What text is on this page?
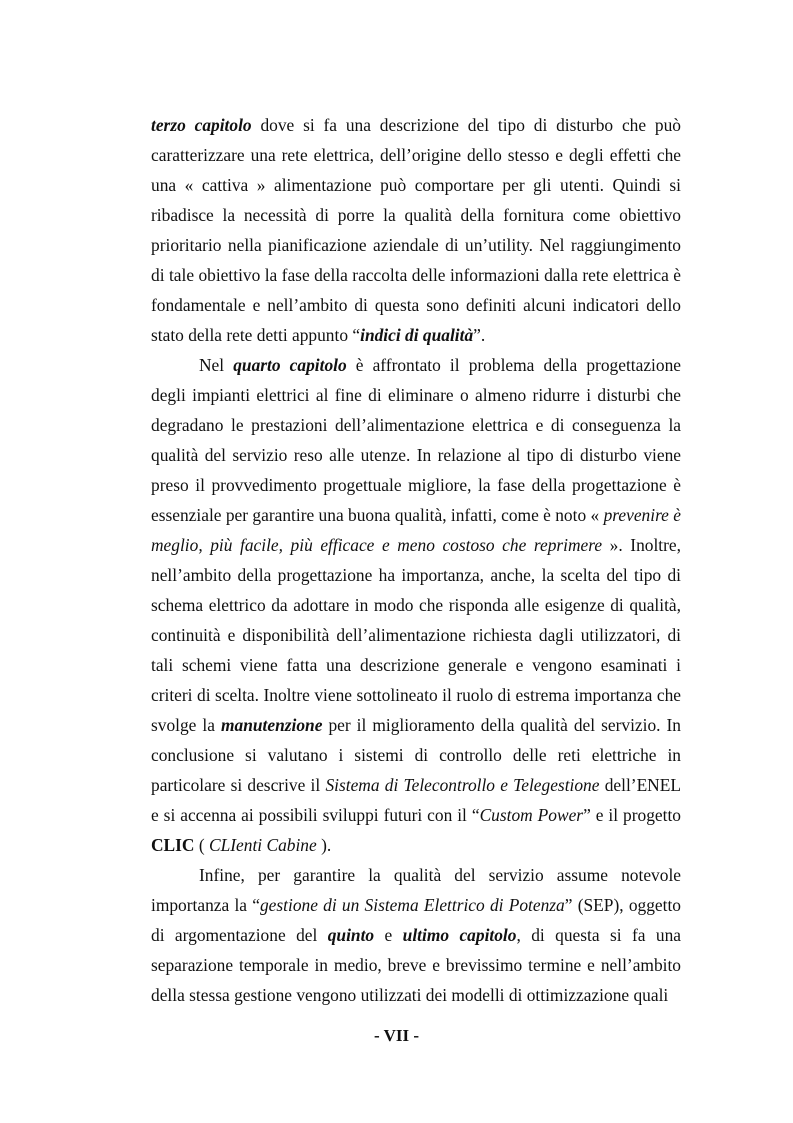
terzo capitolo dove si fa una descrizione del tipo di disturbo che può caratterizzare una rete elettrica, dell’origine dello stesso e degli effetti che una « cattiva » alimentazione può comportare per gli utenti. Quindi si ribadisce la necessità di porre la qualità della fornitura come obiettivo prioritario nella pianificazione aziendale di un’utility. Nel raggiungimento di tale obiettivo la fase della raccolta delle informazioni dalla rete elettrica è fondamentale e nell’ambito di questa sono definiti alcuni indicatori dello stato della rete detti appunto “indici di qualità”.

Nel quarto capitolo è affrontato il problema della progettazione degli impianti elettrici al fine di eliminare o almeno ridurre i disturbi che degradano le prestazioni dell’alimentazione elettrica e di conseguenza la qualità del servizio reso alle utenze. In relazione al tipo di disturbo viene preso il provvedimento progettuale migliore, la fase della progettazione è essenziale per garantire una buona qualità, infatti, come è noto « prevenire è meglio, più facile, più efficace e meno costoso che reprimere ». Inoltre, nell’ambito della progettazione ha importanza, anche, la scelta del tipo di schema elettrico da adottare in modo che risponda alle esigenze di qualità, continuità e disponibilità dell’alimentazione richiesta dagli utilizzatori, di tali schemi viene fatta una descrizione generale e vengono esaminati i criteri di scelta. Inoltre viene sottolineato il ruolo di estrema importanza che svolge la manutenzione per il miglioramento della qualità del servizio. In conclusione si valutano i sistemi di controllo delle reti elettriche in particolare si descrive il Sistema di Telecontrollo e Telegestione dell’ENEL e si accenna ai possibili sviluppi futuri con il “Custom Power” e il progetto CLIC ( CLIenti Cabine ).

Infine, per garantire la qualità del servizio assume notevole importanza la “gestione di un Sistema Elettrico di Potenza” (SEP), oggetto di argomentazione del quinto e ultimo capitolo, di questa si fa una separazione temporale in medio, breve e brevissimo termine e nell’ambito della stessa gestione vengono utilizzati dei modelli di ottimizzazione quali

- VII -
